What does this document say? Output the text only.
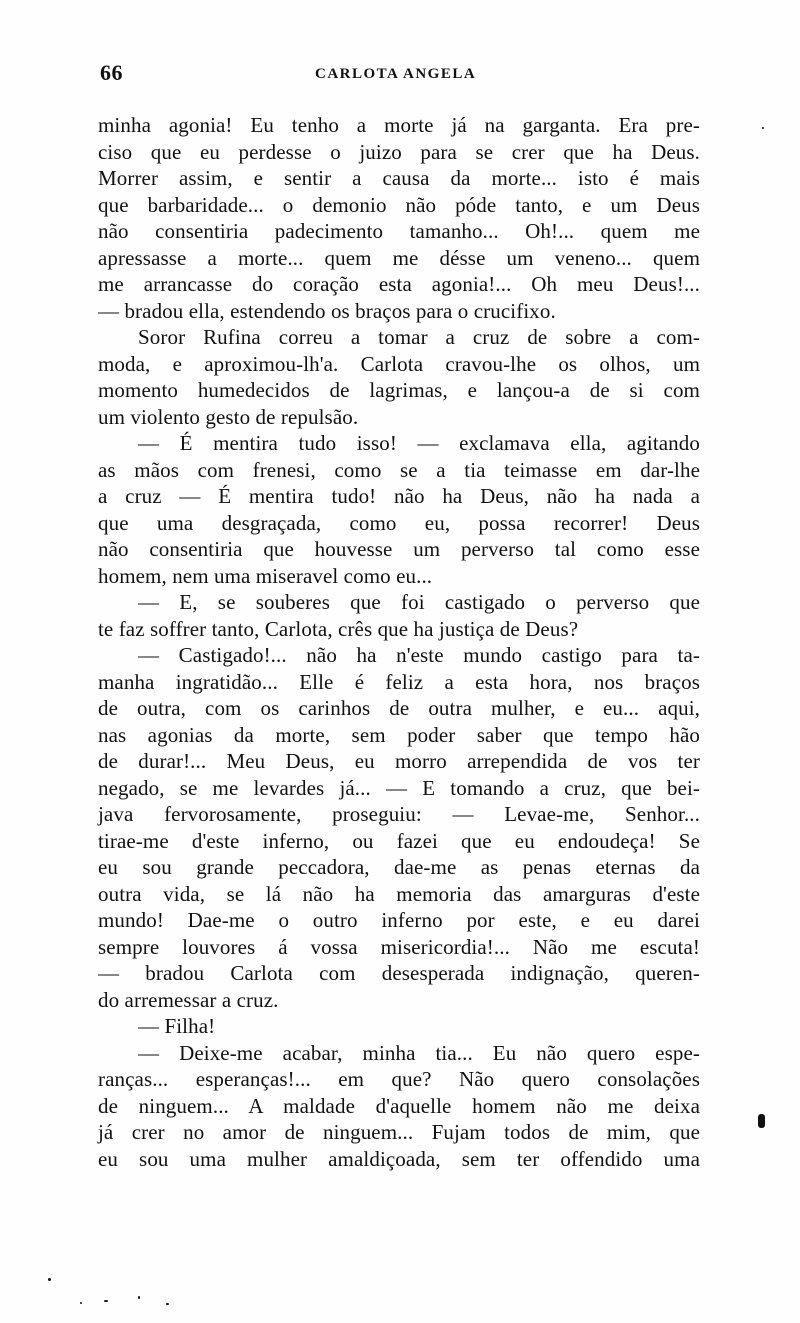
66	CARLOTA ANGELA
minha agonia! Eu tenho a morte já na garganta. Era pre-
ciso que eu perdesse o juizo para se crer que ha Deus.
Morrer assim, e sentir a causa da morte... isto é mais
que barbaridade... o demonio não póde tanto, e um Deus
não consentiria padecimento tamanho... Oh!... quem me
apressasse a morte... quem me désse um veneno... quem
me arrancasse do coração esta agonia!... Oh meu Deus!...
— bradou ella, estendendo os braços para o crucifixo.
Soror Rufina correu a tomar a cruz de sobre a com-
moda, e aproximou-lh'a. Carlota cravou-lhe os olhos, um
momento humedecidos de lagrimas, e lançou-a de si com
um violento gesto de repulsão.
— É mentira tudo isso! — exclamava ella, agitando
as mãos com frenesi, como se a tia teimasse em dar-lhe
a cruz — É mentira tudo! não ha Deus, não ha nada a
que uma desgraçada, como eu, possa recorrer! Deus
não consentiria que houvesse um perverso tal como esse
homem, nem uma miseravel como eu...
— E, se souberes que foi castigado o perverso que
te faz soffrer tanto, Carlota, crês que ha justiça de Deus?
— Castigado!... não ha n'este mundo castigo para ta-
manha ingratidão... Elle é feliz a esta hora, nos braços
de outra, com os carinhos de outra mulher, e eu... aqui,
nas agonias da morte, sem poder saber que tempo hão
de durar!... Meu Deus, eu morro arrependida de vos ter
negado, se me levardes já... — E tomando a cruz, que bei-
java fervorosamente, proseguiu: — Levae-me, Senhor...
tirae-me d'este inferno, ou fazei que eu endoudeça! Se
eu sou grande peccadora, dae-me as penas eternas da
outra vida, se lá não ha memoria das amarguras d'este
mundo! Dae-me o outro inferno por este, e eu darei
sempre louvores á vossa misericordia!... Não me escuta!
— bradou Carlota com desesperada indignação, queren-
do arremessar a cruz.
— Filha!
— Deixe-me acabar, minha tia... Eu não quero espe-
ranças... esperanças!... em que? Não quero consolações
de ninguem... A maldade d'aquelle homem não me deixa
já crer no amor de ninguem... Fujam todos de mim, que
eu sou uma mulher amaldiçoada, sem ter offendido uma
